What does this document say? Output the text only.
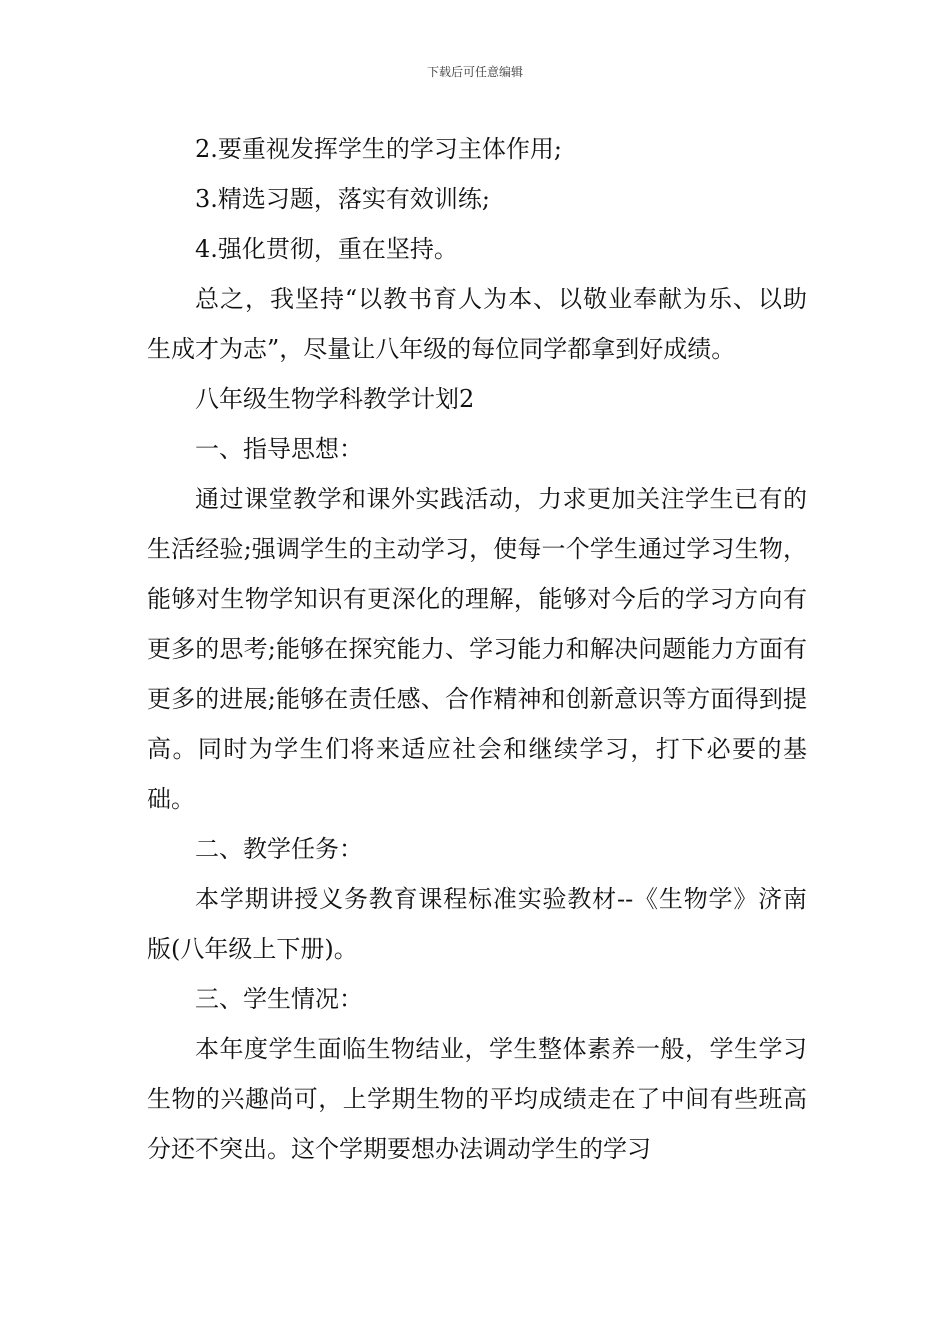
下载后可任意编辑

2.要重视发挥学生的学习主体作用;

3.精选习题，落实有效训练;

4.强化贯彻，重在坚持。

总之，我坚持“以教书育人为本、以敬业奉献为乐、以助生成才为志”，尽量让八年级的每位同学都拿到好成绩。

八年级生物学科教学计划2

一、指导思想：

通过课堂教学和课外实践活动，力求更加关注学生已有的生活经验;强调学生的主动学习，使每一个学生通过学习生物，能够对生物学知识有更深化的理解，能够对今后的学习方向有更多的思考;能够在探究能力、学习能力和解决问题能力方面有更多的进展;能够在责任感、合作精神和创新意识等方面得到提高。同时为学生们将来适应社会和继续学习，打下必要的基础。

二、教学任务：

本学期讲授义务教育课程标准实验教材--《生物学》济南版(八年级上下册)。

三、学生情况：

本年度学生面临生物结业，学生整体素养一般，学生学习生物的兴趣尚可，上学期生物的平均成绩走在了中间有些班高分还不突出。这个学期要想办法调动学生的学习
